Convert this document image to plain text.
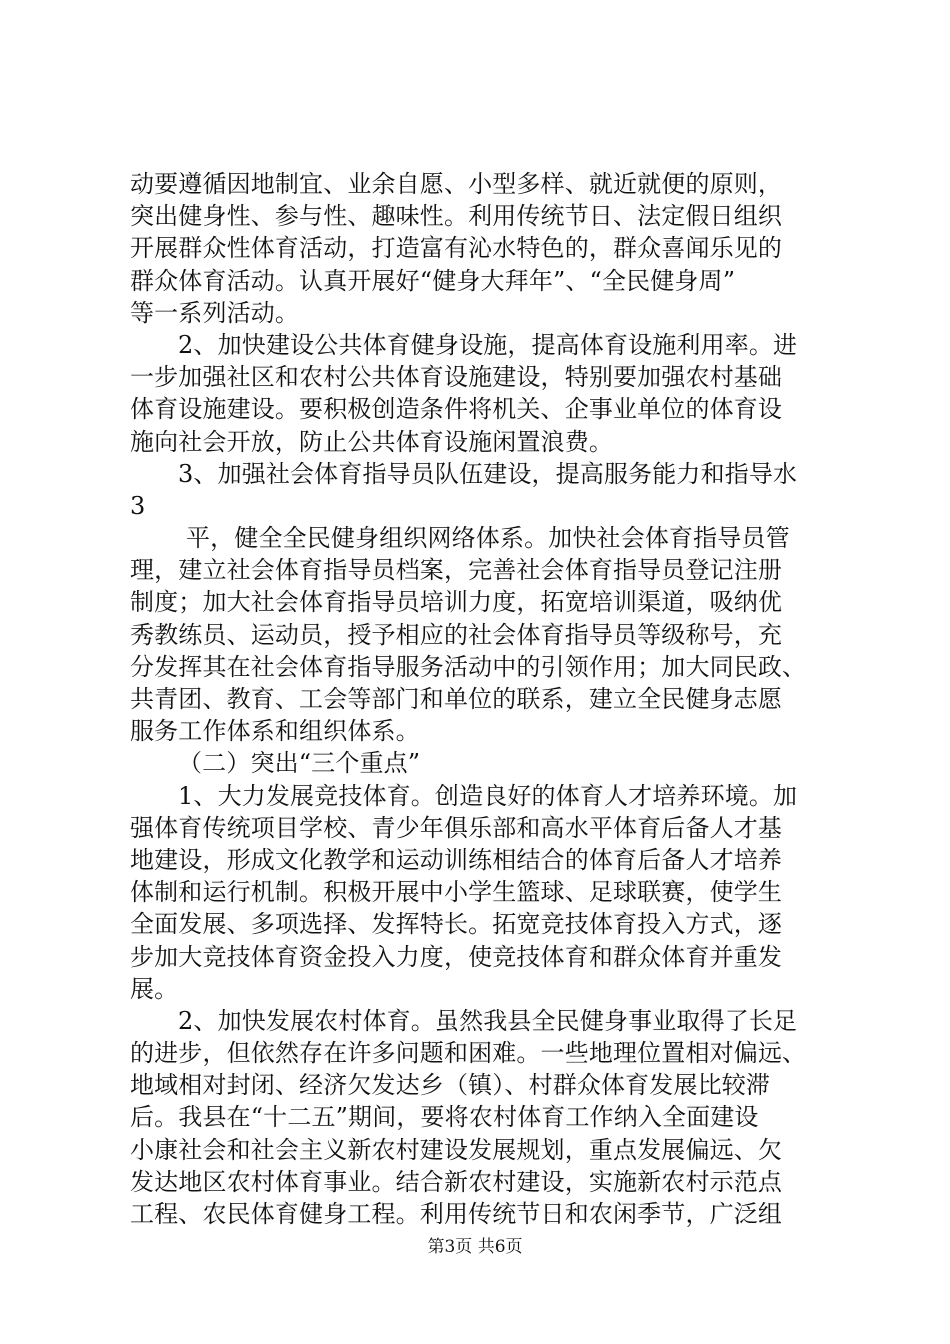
动要遵循因地制宜、业余自愿、小型多样、就近就便的原则，
突出健身性、参与性、趣味性。利用传统节日、法定假日组织
开展群众性体育活动，打造富有沁水特色的，群众喜闻乐见的
群众体育活动。认真开展好“健身大拜年”、“全民健身周”
等一系列活动。
2、加快建设公共体育健身设施，提高体育设施利用率。进
一步加强社区和农村公共体育设施建设，特别要加强农村基础
体育设施建设。要积极创造条件将机关、企事业单位的体育设
施向社会开放，防止公共体育设施闲置浪费。
3、加强社会体育指导员队伍建设，提高服务能力和指导水
3
平，健全全民健身组织网络体系。加快社会体育指导员管
理，建立社会体育指导员档案，完善社会体育指导员登记注册
制度；加大社会体育指导员培训力度，拓宽培训渠道，吸纳优
秀教练员、运动员，授予相应的社会体育指导员等级称号，充
分发挥其在社会体育指导服务活动中的引领作用；加大同民政、
共青团、教育、工会等部门和单位的联系，建立全民健身志愿
服务工作体系和组织体系。
（二）突出“三个重点”
1、大力发展竞技体育。创造良好的体育人才培养环境。加
强体育传统项目学校、青少年俱乐部和高水平体育后备人才基
地建设，形成文化教学和运动训练相结合的体育后备人才培养
体制和运行机制。积极开展中小学生篮球、足球联赛，使学生
全面发展、多项选择、发挥特长。拓宽竞技体育投入方式，逐
步加大竞技体育资金投入力度，使竞技体育和群众体育并重发
展。
2、加快发展农村体育。虽然我县全民健身事业取得了长足
的进步，但依然存在许多问题和困难。一些地理位置相对偏远、
地域相对封闭、经济欠发达乡（镇）、村群众体育发展比较滞
后。我县在“十二五”期间，要将农村体育工作纳入全面建设
小康社会和社会主义新农村建设发展规划，重点发展偏远、欠
发达地区农村体育事业。结合新农村建设，实施新农村示范点
工程、农民体育健身工程。利用传统节日和农闲季节，广泛组
第3页 共6页
